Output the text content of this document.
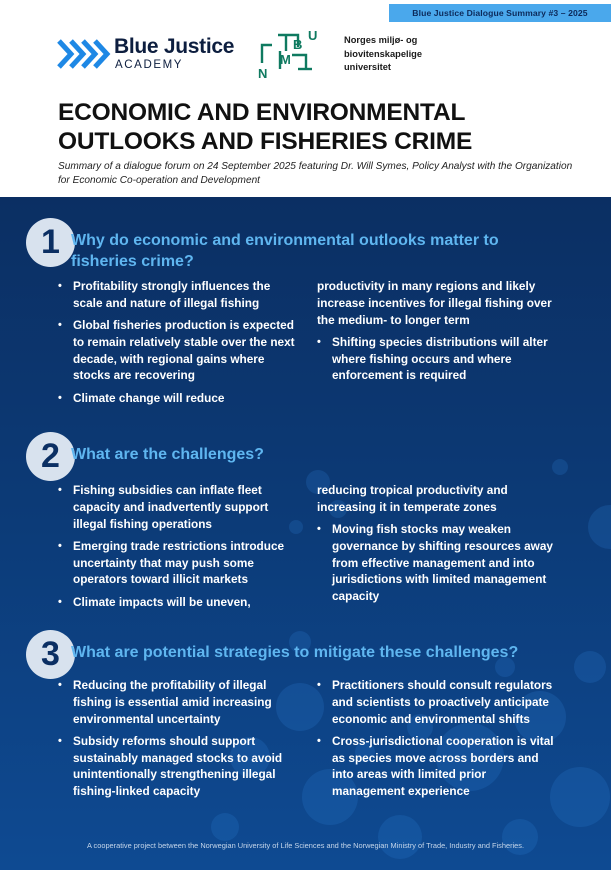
Blue Justice Dialogue Summary #3 – 2025
Blue Justice
ACADEMY
N
M
B
U	Norges miljø- og
biovitenskapelige
universitet
ECONOMIC AND ENVIRONMENTAL
OUTLOOKS AND FISHERIES CRIME
Summary of a dialogue forum on 24 September 2025 featuring Dr. Will Symes, Policy Analyst with the Organization for Economic Co-operation and Development
1 Why do economic and environmental outlooks matter to fisheries crime?
• Profitability strongly influences the scale and nature of illegal fishing
• Global fisheries production is expected to remain relatively stable over the next decade, with regional gains where stocks are recovering
• Climate change will reduce
productivity in many regions and likely increase incentives for illegal fishing over the medium- to longer term
• Shifting species distributions will alter where fishing occurs and where enforcement is required
2 What are the challenges?
• Fishing subsidies can inflate fleet capacity and inadvertently support illegal fishing operations
• Emerging trade restrictions introduce uncertainty that may push some operators toward illicit markets
• Climate impacts will be uneven,
reducing tropical productivity and increasing it in temperate zones
• Moving fish stocks may weaken governance by shifting resources away from effective management and into jurisdictions with limited management capacity
3 What are potential strategies to mitigate these challenges?
• Reducing the profitability of illegal fishing is essential amid increasing environmental uncertainty
• Subsidy reforms should support sustainably managed stocks to avoid unintentionally strengthening illegal fishing-linked capacity
• Practitioners should consult regulators and scientists to proactively anticipate economic and environmental shifts
• Cross-jurisdictional cooperation is vital as species move across borders and into areas with limited prior management experience
A cooperative project between the Norwegian University of Life Sciences and the Norwegian Ministry of Trade, Industry and Fisheries.
